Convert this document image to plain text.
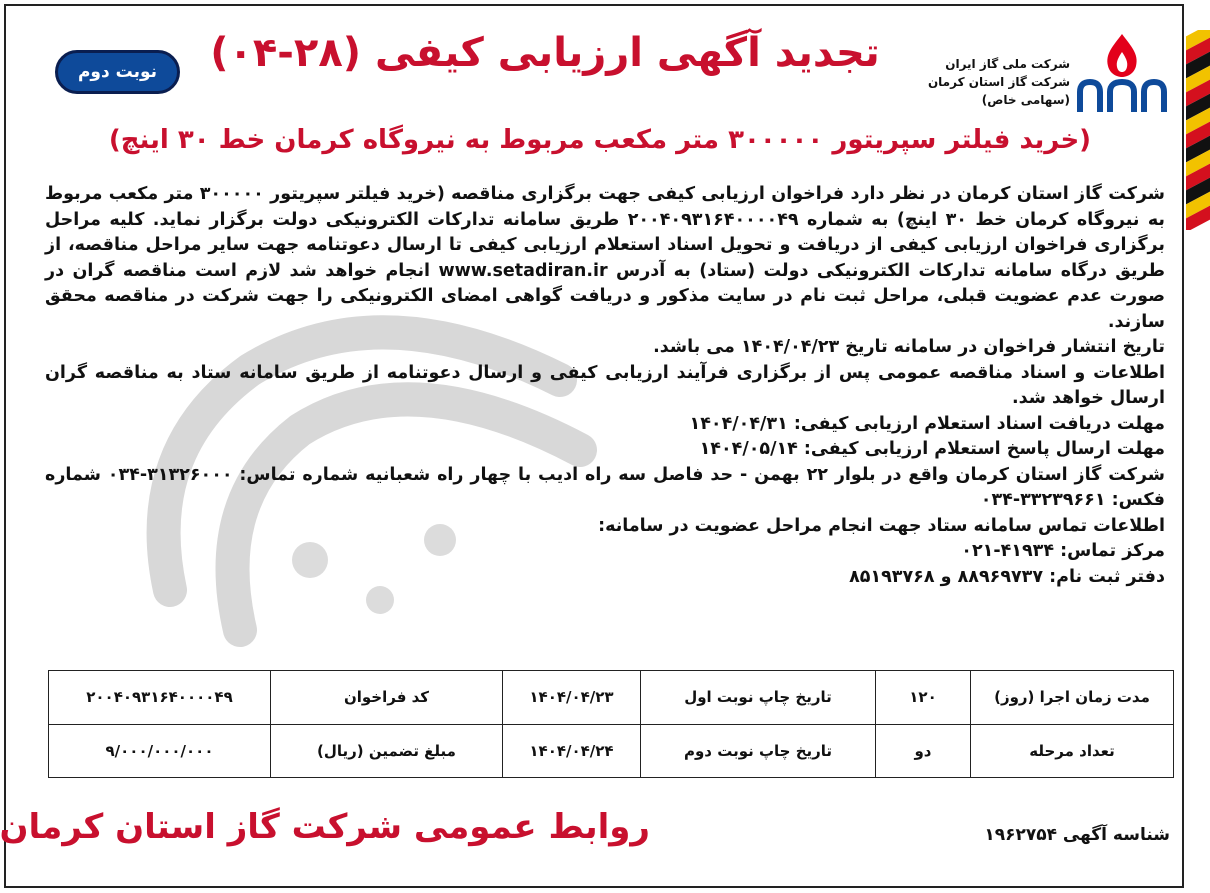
شرکت ملی گاز ایران
شرکت گاز استان کرمان
(سهامی خاص)
تجدید آگهی ارزیابی کیفی (۲۸-۰۴)
نوبت دوم
(خرید فیلتر سپریتور ۳۰۰۰۰۰ متر مکعب مربوط به نیروگاه کرمان خط ۳۰ اینچ)

شرکت گاز استان کرمان در نظر دارد فراخوان ارزیابی کیفی جهت برگزاری مناقصه (خرید فیلتر سپریتور ۳۰۰۰۰۰ متر مکعب مربوط به نیروگاه کرمان خط ۳۰ اینچ) به شماره ۲۰۰۴۰۹۳۱۶۴۰۰۰۰۴۹ طریق سامانه تدارکات الکترونیکی دولت برگزار نماید. کلیه مراحل برگزاری فراخوان ارزیابی کیفی از دریافت و تحویل اسناد استعلام ارزیابی کیفی تا ارسال دعوتنامه جهت سایر مراحل مناقصه، از طریق درگاه سامانه تدارکات الکترونیکی دولت (ستاد) به آدرس www.setadiran.ir انجام خواهد شد لازم است مناقصه گران در صورت عدم عضویت قبلی، مراحل ثبت نام در سایت مذکور و دریافت گواهی امضای الکترونیکی را جهت شرکت در مناقصه محقق سازند.

تاریخ انتشار فراخوان در سامانه تاریخ ۱۴۰۴/۰۴/۲۳ می باشد.

اطلاعات و اسناد مناقصه عمومی پس از برگزاری فرآیند ارزیابی کیفی و ارسال دعوتنامه از طریق سامانه ستاد به مناقصه گران ارسال خواهد شد.

مهلت دریافت اسناد استعلام ارزیابی کیفی: ۱۴۰۴/۰۴/۳۱

مهلت ارسال پاسخ استعلام ارزیابی کیفی: ۱۴۰۴/۰۵/۱۴

شرکت گاز استان کرمان واقع در بلوار ۲۲ بهمن - حد فاصل سه راه ادیب با چهار راه شعبانیه شماره تماس: ۳۱۳۲۶۰۰۰-۰۳۴ شماره فکس: ۳۳۲۳۹۶۶۱-۰۳۴

اطلاعات تماس سامانه ستاد جهت انجام مراحل عضویت در سامانه:

مرکز تماس: ۴۱۹۳۴-۰۲۱

دفتر ثبت نام: ۸۸۹۶۹۷۳۷ و ۸۵۱۹۳۷۶۸

مدت زمان اجرا (روز)	۱۲۰	تاریخ چاپ نوبت اول	۱۴۰۴/۰۴/۲۳	کد فراخوان	۲۰۰۴۰۹۳۱۶۴۰۰۰۰۴۹
تعداد مرحله	دو	تاریخ چاپ نوبت دوم	۱۴۰۴/۰۴/۲۴	مبلغ تضمین (ریال)	۹/۰۰۰/۰۰۰/۰۰۰
روابط عمومی شرکت گاز استان کرمان	شناسه آگهی ۱۹۶۲۷۵۴
